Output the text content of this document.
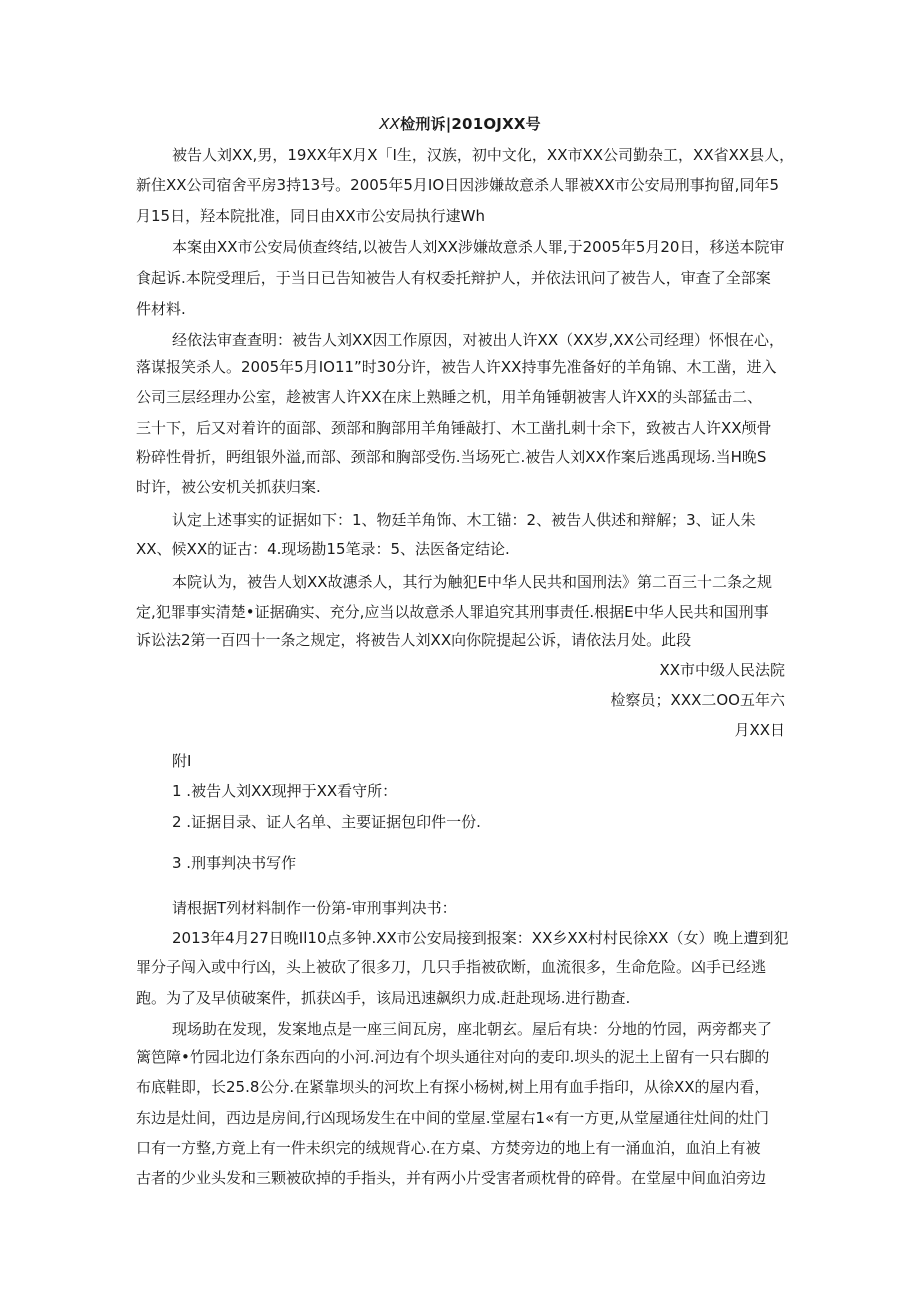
XX检刑诉|201OJXX号
被告人刘XX,男，19XX年X月X「I生，汉族，初中文化，XX市XX公司勤杂工，XX省XX县人，
新住XX公司宿舍平房3持13号。2005年5月IO日因涉嫌故意杀人罪被XX市公安局刑事拘留,同年5
月15日，羟本院批准，同日由XX市公安局执行逮Wh
本案由XX市公安局侦查终结,以被告人刘XX涉嫌故意杀人罪,于2005年5月20日，移送本院审
食起诉.本院受理后，于当日已告知被告人有权委托辩护人，并依法讯问了被告人，审查了全部案
件材料.
经依法审查查明：被告人刘XX因工作原因，对被出人许XX（XX岁,XX公司经理）怀恨在心，
落谋报笑杀人。2005年5月IO11”时30分许，被告人许XX持事先准备好的羊角锦、木工凿，进入
公司三层经理办公室，趁被害人许XX在床上熟睡之机，用羊角锤朝被害人许XX的头部猛击二、
三十下，后又对着许的面部、颈部和胸部用羊角锤敲打、木工凿扎刺十余下，致被古人许XX颅骨
粉碎性骨折，眄组银外溢,而部、颈部和胸部受伤.当场死亡.被告人刘XX作案后逃禹现场.当H晚S
时许，被公安机关抓获归案.
认定上述事实的证据如下：1、物廷羊角饰、木工锚：2、被告人供述和辩解；3、证人朱
XX、候XX的证古：4.现场勘15笔录：5、法医备定结论.
本院认为，被告人划XX故潓杀人，其行为触犯E中华人民共和国刑法》第二百三十二条之规
定,犯罪事实清楚•证据确实、充分,应当以故意杀人罪追究其刑事责任.根据E中华人民共和国刑事
诉讼法2第一百四十一条之规定，将被告人刘XX向你院提起公诉，请依法月处。此段
XX市中级人民法院
检察员；XXX二OO五年六
月XX日
附I
1 .被告人刘XX现押于XX看守所：
2 .证据目录、证人名单、主要证据包印件一份.
3 .刑事判决书写作
请根据T列材料制作一份第-审刑事判决书：
2013年4月27日晚Il10点多钟.XX市公安局接到报案：XX乡XX村村民徐XX（女）晚上遭到犯
罪分子闯入或中行凶，头上被砍了很多刀，几只手指被砍断，血流很多，生命危险。凶手已经逃
跑。为了及早侦破案件，抓获凶手，该局迅速飙织力成.赶赴现场.进行勘查.
现场助在发现，发案地点是一座三间瓦房，座北朝玄。屋后有块：分地的竹园，两旁都夹了
篱笆障•竹园北边仃条东西向的小河.河边有个坝头通往对向的麦印.坝头的泥土上留有一只右脚的
布底鞋即，长25.8公分.在紧靠坝头的河坎上有探小杨树,树上用有血手指印，从徐XX的屋内看，
东边是灶间，西边是房间,行凶现场发生在中间的堂屋.堂屋右1«有一方更,从堂屋通往灶间的灶门
口有一方整,方竟上有一件未织完的绒规背心.在方桌、方焚旁边的地上有一涌血泊，血泊上有被
古者的少业头发和三颗被砍掉的手指头，并有两小片受害者顽枕骨的碎骨。在堂屋中间血泊旁边
